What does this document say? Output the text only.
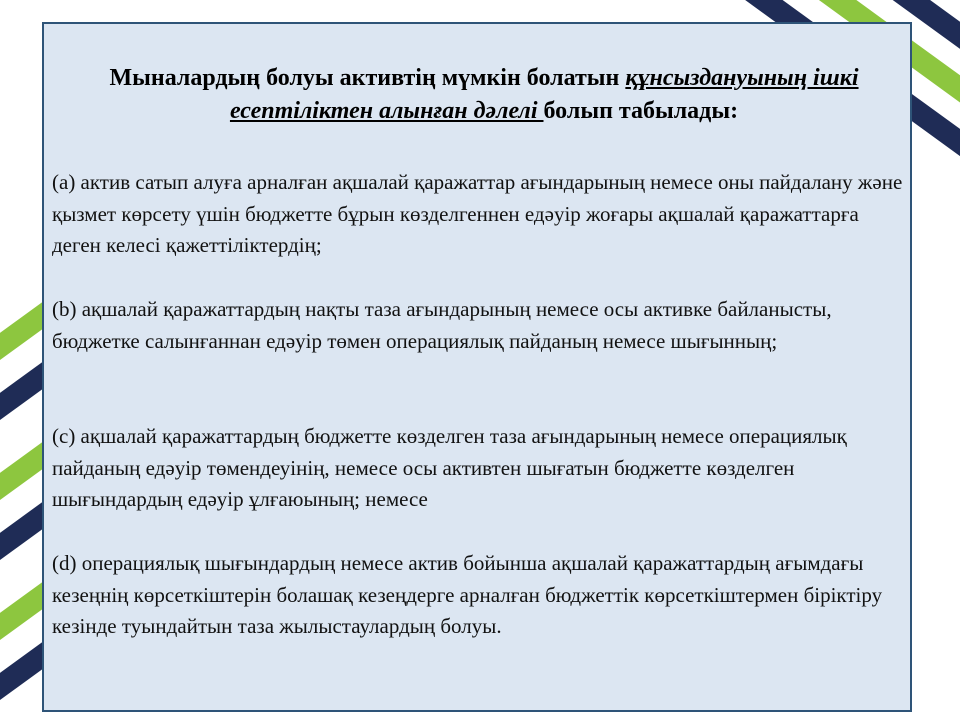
Мыналардың болуы активтің мүмкін болатын құнсыздануының ішкі есептіліктен алынған дәлелі болып табылады:

(a) актив сатып алуға арналған ақшалай қаражаттар ағындарының немесе оны пайдалану және қызмет көрсету үшін бюджетте бұрын көзделгеннен едәуір жоғары ақшалай қаражаттарға деген келесі қажеттіліктердің;

(b) ақшалай қаражаттардың нақты таза ағындарының немесе осы активке байланысты, бюджетке салынғаннан едәуір төмен операциялық пайданың немесе шығынның;

(c) ақшалай қаражаттардың бюджетте көзделген таза ағындарының немесе операциялық пайданың едәуір төмендеуінің, немесе осы активтен шығатын бюджетте көзделген шығындардың едәуір ұлғаюының; немесе

(d) операциялық шығындардың немесе актив бойынша ақшалай қаражаттардың ағымдағы кезеңнің көрсеткіштерін болашақ кезеңдерге арналған бюджеттік көрсеткіштермен біріктіру кезінде туындайтын таза жылыстаулардың болуы.
